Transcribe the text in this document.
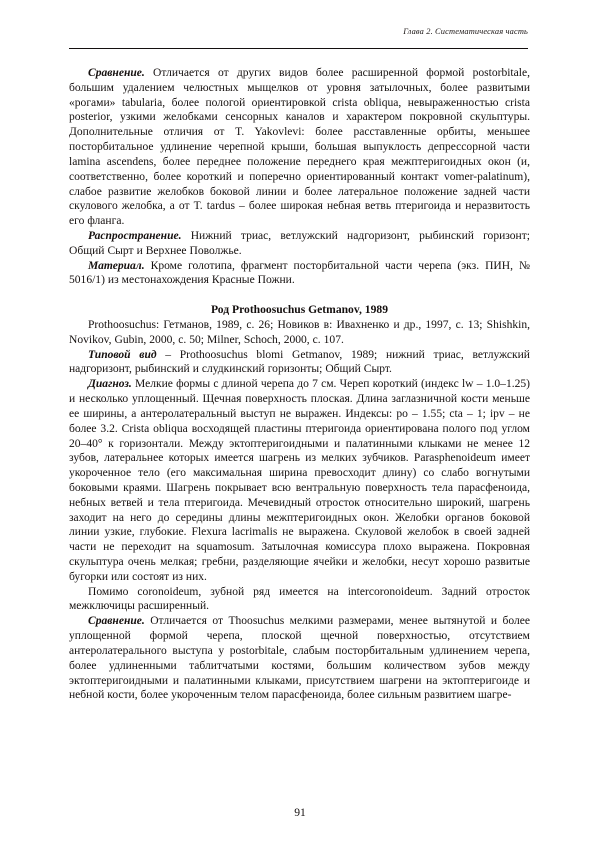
Глава 2. Систематическая часть

Сравнение. Отличается от других видов более расширенной формой postorbitale, большим удалением челюстных мыщелков от уровня затылочных, более развитыми «рогами» tabularia, более пологой ориентировкой crista obliqua, невыраженностью crista posterior, узкими желобками сенсорных каналов и характером покровной скульптуры. Дополнительные отличия от T. Yakovlevi: более расставленные орбиты, меньшее посторбитальное удлинение черепной крыши, большая выпуклость депрессорной части lamina ascendens, более переднее положение переднего края межптеригоидных окон (и, соответственно, более короткий и поперечно ориентированный контакт vomer-palatinum), слабое развитие желобков боковой линии и более латеральное положение задней части скулового желобка, а от T. tardus – более широкая небная ветвь птеригоида и неразвитость его фланга.

Распространение. Нижний триас, ветлужский надгоризонт, рыбинский горизонт; Общий Сырт и Верхнее Поволжье.

Материал. Кроме голотипа, фрагмент посторбитальной части черепа (экз. ПИН, № 5016/1) из местонахождения Красные Пожни.

Род Prothoosuchus Getmanov, 1989

Prothoosuchus: Гетманов, 1989, с. 26; Новиков в: Ивахненко и др., 1997, с. 13; Shishkin, Novikov, Gubin, 2000, с. 50; Milner, Schoch, 2000, с. 107.

Типовой вид – Prothoosuchus blomi Getmanov, 1989; нижний триас, ветлужский надгоризонт, рыбинский и слудкинский горизонты; Общий Сырт.

Диагноз. Мелкие формы с длиной черепа до 7 см. Череп короткий (индекс lw – 1.0–1.25) и несколько уплощенный. Щечная поверхность плоская. Длина заглазничной кости меньше ее ширины, а антеролатеральный выступ не выражен. Индексы: po – 1.55; cta – 1; ipv – не более 3.2. Crista obliqua восходящей пластины птеригоида ориентирована полого под углом 20–40° к горизонтали. Между эктоптеригоидными и палатинными клыками не менее 12 зубов, латеральнее которых имеется шагрень из мелких зубчиков. Parasphenoideum имеет укороченное тело (его максимальная ширина превосходит длину) со слабо вогнутыми боковыми краями. Шагрень покрывает всю вентральную поверхность тела парасфеноида, небных ветвей и тела птеригоида. Мечевидный отросток относительно широкий, шагрень заходит на него до середины длины межптеригоидных окон. Желобки органов боковой линии узкие, глубокие. Flexura lacrimalis не выражена. Скуловой желобок в своей задней части не переходит на squamosum. Затылочная комиссура плохо выражена. Покровная скульптура очень мелкая; гребни, разделяющие ячейки и желобки, несут хорошо развитые бугорки или состоят из них.

Помимо coronoideum, зубной ряд имеется на intercoronoideum. Задний отросток межключицы расширенный.

Сравнение. Отличается от Thoosuchus мелкими размерами, менее вытянутой и более уплощенной формой черепа, плоской щечной поверхностью, отсутствием антеролатерального выступа у postorbitale, слабым посторбитальным удлинением черепа, более удлиненными таблитчатыми костями, большим количеством зубов между эктоптеригоидными и палатинными клыками, присутствием шагрени на эктоптеригоиде и небной кости, более укороченным телом парасфеноида, более сильным развитием шагре-

91
